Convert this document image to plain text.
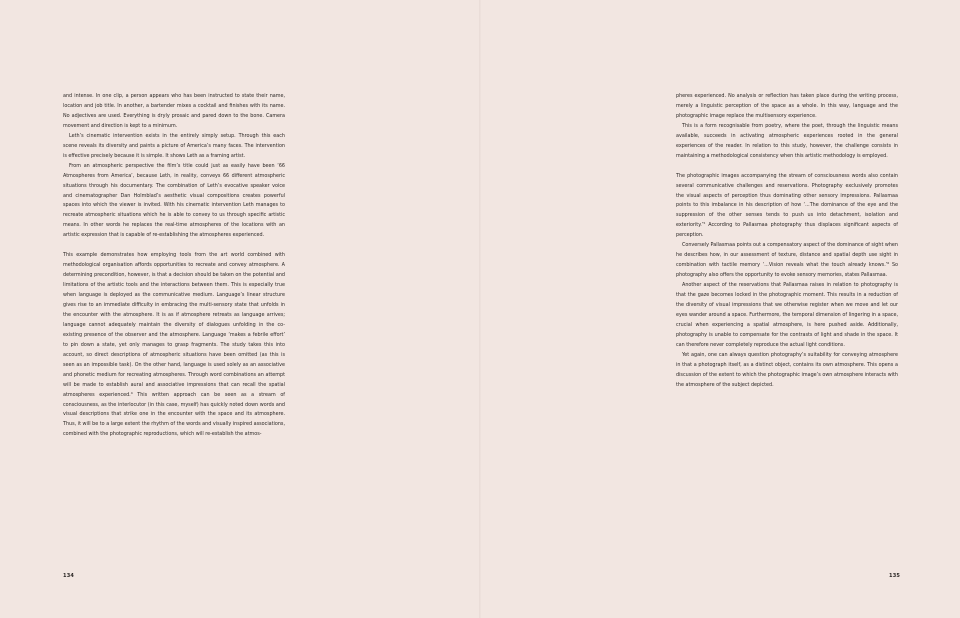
and intense. In one clip, a person appears who has been instructed to state their name, location and job title. In another, a bartender mixes a cocktail and finishes with its name. No adjectives are used. Everything is dryly prosaic and pared down to the bone. Camera movement and direction is kept to a minimum.

Leth’s cinematic intervention exists in the entirely simply setup. Through this each scene reveals its diversity and paints a picture of America’s many faces. The intervention is effective precisely because it is simple. It shows Leth as a framing artist.

From an atmospheric perspective the film’s title could just as easily have been ‘66 Atmospheres from America’, because Leth, in reality, conveys 66 different atmospheric situations through his documentary. The combination of Leth’s evocative speaker voice and cinematographer Dan Holmblad’s aesthetic visual compositions creates powerful spaces into which the viewer is invited. With his cinematic intervention Leth manages to recreate atmospheric situations which he is able to convey to us through specific artistic means. In other words he replaces the real-time atmospheres of the locations with an artistic expression that is capable of re-establishing the atmospheres experienced.

This example demonstrates how employing tools from the art world combined with methodological organisation affords opportunities to recreate and convey atmosphere. A determining precondition, however, is that a decision should be taken on the potential and limitations of the artistic tools and the interactions between them. This is especially true when language is deployed as the communicative medium. Language’s linear structure gives rise to an immediate difficulty in embracing the multi-sensory state that unfolds in the encounter with the atmosphere. It is as if atmosphere retreats as language arrives; language cannot adequately maintain the diversity of dialogues unfolding in the co-existing presence of the observer and the atmosphere. Language ‘makes a febrile effort’ to pin down a state, yet only manages to grasp fragments. The study takes this into account, so direct descriptions of atmospheric situations have been omitted (as this is seen as an impossible task). On the other hand, language is used solely as an associative and phonetic medium for recreating atmospheres. Through word combinations an attempt will be made to establish aural and associative impressions that can recall the spatial atmospheres experienced.⁴ This written approach can be seen as a stream of consciousness, as the interlocutor (in this case, myself) has quickly noted down words and visual descriptions that strike one in the encounter with the space and its atmosphere. Thus, it will be to a large extent the rhythm of the words and visually inspired associations, combined with the photographic reproductions, which will re-establish the atmos-

134

pheres experienced. No analysis or reflection has taken place during the writing process, merely a linguistic perception of the space as a whole. In this way, language and the photographic image replace the multisensory experience.

This is a form recognisable from poetry, where the poet, through the linguistic means available, succeeds in activating atmospheric experiences rooted in the general experiences of the reader. In relation to this study, however, the challenge consists in maintaining a methodological consistency when this artistic methodology is employed.

The photographic images accompanying the stream of consciousness words also contain several communicative challenges and reservations. Photography exclusively promotes the visual aspects of perception thus dominating other sensory impressions. Pallasmaa points to this imbalance in his description of how ‘...The dominance of the eye and the suppression of the other senses tends to push us into detachment, isolation and exteriority.’⁵ According to Pallasmaa photography thus displaces significant aspects of perception.

Conversely Pallasmaa points out a compensatory aspect of the dominance of sight when he describes how, in our assessment of texture, distance and spatial depth use sight in combination with tactile memory ‘...Vision reveals what the touch already knows.’⁶ So photography also offers the opportunity to evoke sensory memories, states Pallasmaa.

Another aspect of the reservations that Pallasmaa raises in relation to photography is that the gaze becomes locked in the photographic moment. This results in a reduction of the diversity of visual impressions that we otherwise register when we move and let our eyes wander around a space. Furthermore, the temporal dimension of lingering in a space, crucial when experiencing a spatial atmosphere, is here pushed aside. Additionally, photography is unable to compensate for the contrasts of light and shade in the space. It can therefore never completely reproduce the actual light conditions.

Yet again, one can always question photography’s suitability for conveying atmosphere in that a photograph itself, as a distinct object, contains its own atmosphere. This opens a discussion of the extent to which the photographic image’s own atmosphere interacts with the atmosphere of the subject depicted.

135
